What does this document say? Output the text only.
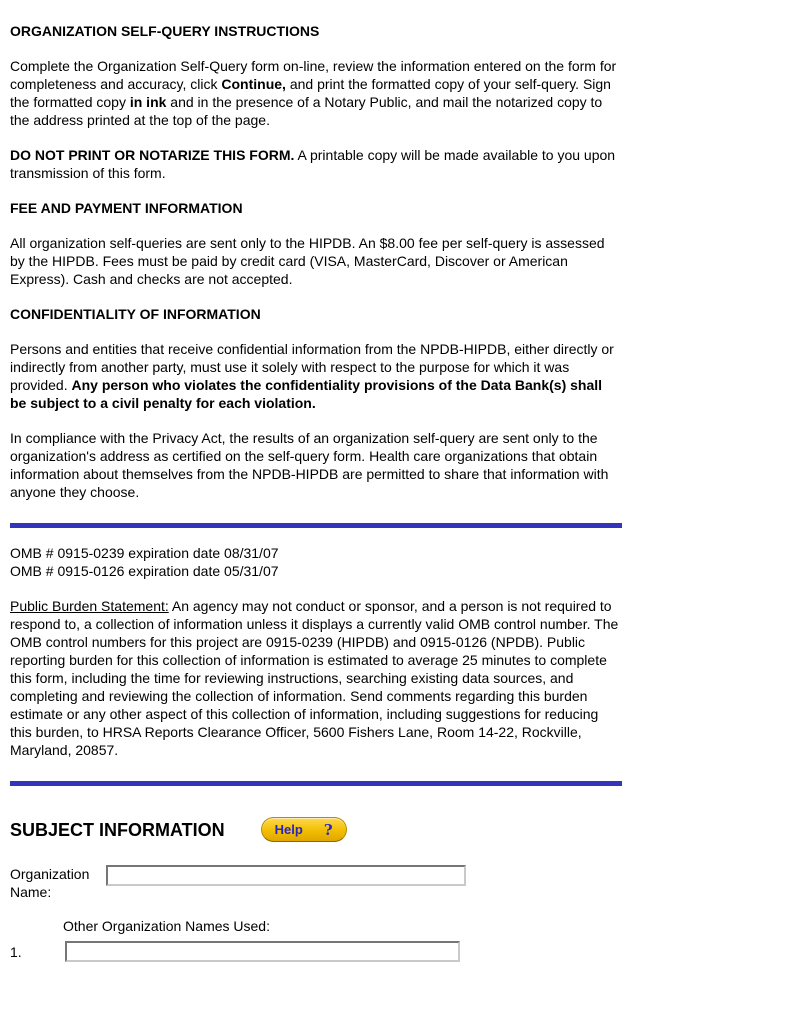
ORGANIZATION SELF-QUERY INSTRUCTIONS

Complete the Organization Self-Query form on-line, review the information entered on the form for completeness and accuracy, click Continue, and print the formatted copy of your self-query. Sign the formatted copy in ink and in the presence of a Notary Public, and mail the notarized copy to the address printed at the top of the page.

DO NOT PRINT OR NOTARIZE THIS FORM. A printable copy will be made available to you upon transmission of this form.

FEE AND PAYMENT INFORMATION

All organization self-queries are sent only to the HIPDB. An $8.00 fee per self-query is assessed by the HIPDB. Fees must be paid by credit card (VISA, MasterCard, Discover or American Express). Cash and checks are not accepted.

CONFIDENTIALITY OF INFORMATION

Persons and entities that receive confidential information from the NPDB-HIPDB, either directly or indirectly from another party, must use it solely with respect to the purpose for which it was provided. Any person who violates the confidentiality provisions of the Data Bank(s) shall be subject to a civil penalty for each violation.

In compliance with the Privacy Act, the results of an organization self-query are sent only to the organization's address as certified on the self-query form. Health care organizations that obtain information about themselves from the NPDB-HIPDB are permitted to share that information with anyone they choose.

OMB # 0915-0239 expiration date 08/31/07
OMB # 0915-0126 expiration date 05/31/07

Public Burden Statement: An agency may not conduct or sponsor, and a person is not required to respond to, a collection of information unless it displays a currently valid OMB control number. The OMB control numbers for this project are 0915-0239 (HIPDB) and 0915-0126 (NPDB). Public reporting burden for this collection of information is estimated to average 25 minutes to complete this form, including the time for reviewing instructions, searching existing data sources, and completing and reviewing the collection of information. Send comments regarding this burden estimate or any other aspect of this collection of information, including suggestions for reducing this burden, to HRSA Reports Clearance Officer, 5600 Fishers Lane, Room 14-22, Rockville, Maryland, 20857.

SUBJECT INFORMATION	Help ?
Organization Name:
Other Organization Names Used:
1.
